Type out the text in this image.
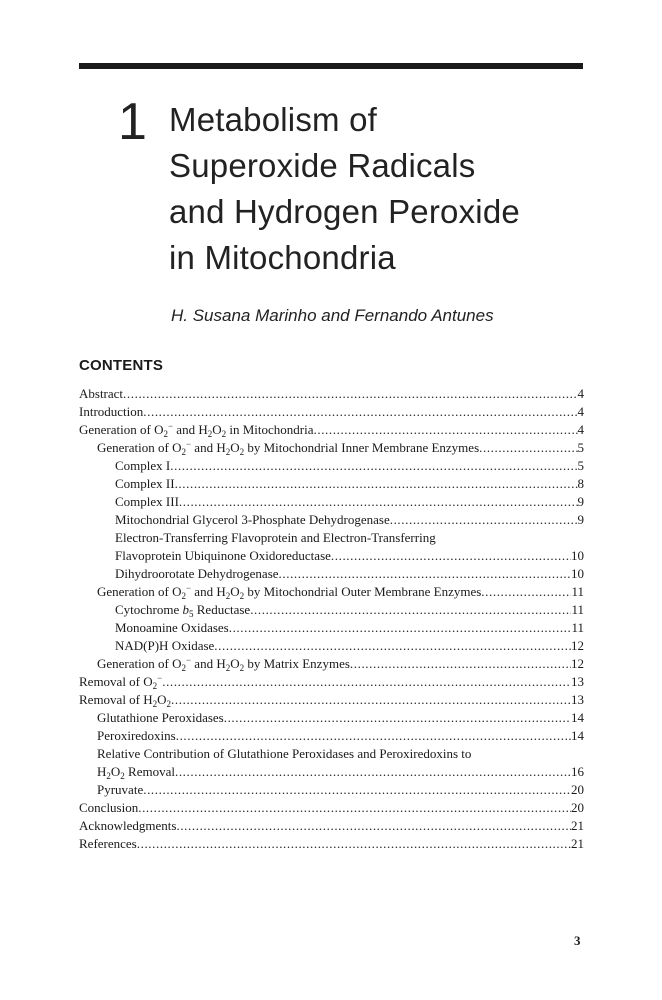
1 Metabolism of
Superoxide Radicals
and Hydrogen Peroxide
in Mitochondria
H. Susana Marinho and Fernando Antunes
CONTENTS
Abstract .....	4
Introduction .....	4
Generation of $O_2^-$ and $H_2O_2$ in Mitochondria .....	4
Generation of $O_2^-$ and $H_2O_2$ by Mitochondrial Inner Membrane Enzymes .....	5
Complex I .....	5
Complex II .....	8
Complex III .....	9
Mitochondrial Glycerol 3-Phosphate Dehydrogenase .....	9
Electron-Transferring Flavoprotein and Electron-Transferring
Flavoprotein Ubiquinone Oxidoreductase .....	10
Dihydroorotate Dehydrogenase .....	10
Generation of $O_2^-$ and $H_2O_2$ by Mitochondrial Outer Membrane Enzymes .....	11
Cytochrome $b_5$ Reductase .....	11
Monoamine Oxidases .....	11
NAD(P)H Oxidase .....	12
Generation of $O_2^-$ and $H_2O_2$ by Matrix Enzymes .....	12
Removal of $O_2^-$ .....	13
Removal of $H_2O_2$ .....	13
Glutathione Peroxidases .....	14
Peroxiredoxins .....	14
Relative Contribution of Glutathione Peroxidases and Peroxiredoxins to
$H_2O_2$ Removal .....	16
Pyruvate .....	20
Conclusion .....	20
Acknowledgments .....	21
References .....	21
3
